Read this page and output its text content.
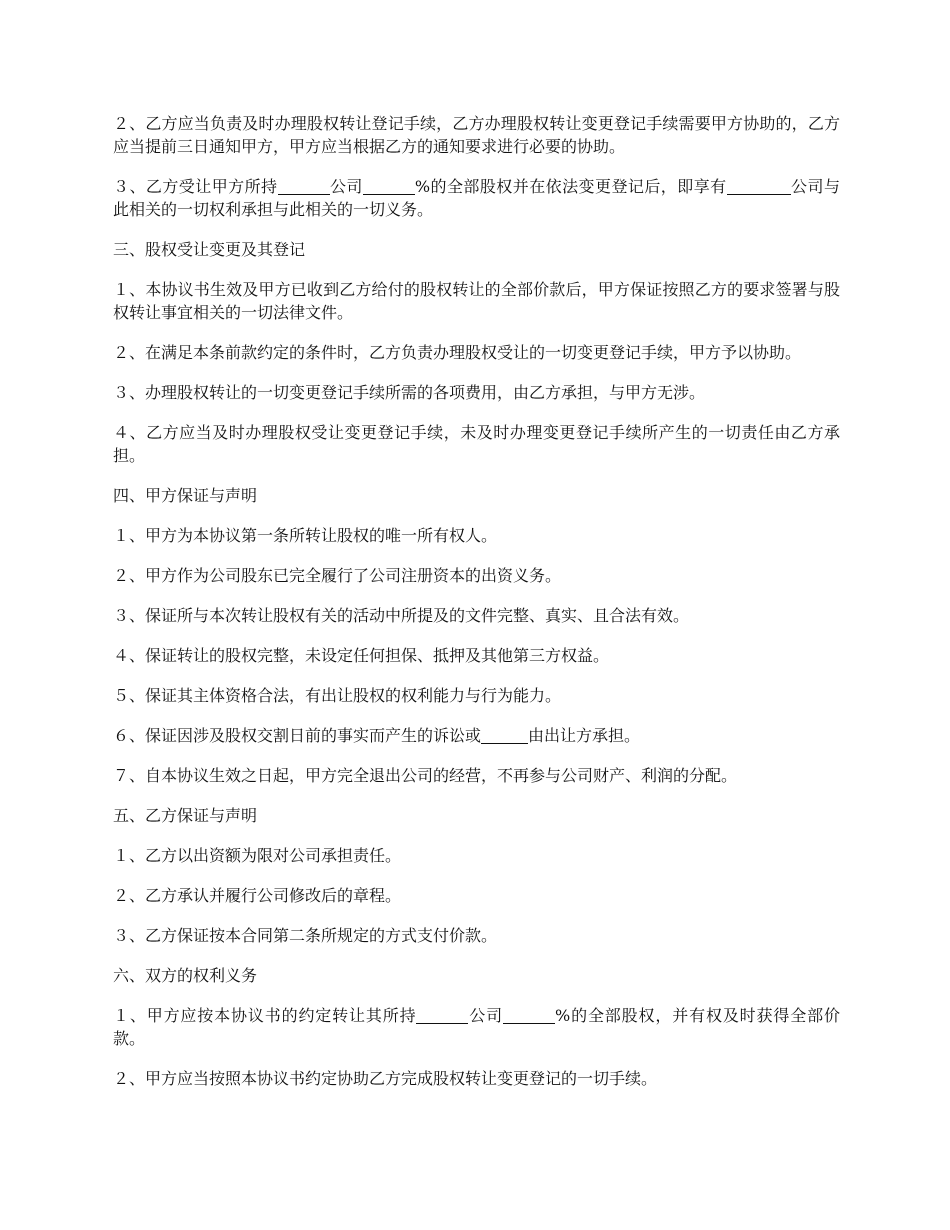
２、乙方应当负责及时办理股权转让登记手续，乙方办理股权转让变更登记手续需要甲方协助的，乙方应当提前三日通知甲方，甲方应当根据乙方的通知要求进行必要的协助。

３、乙方受让甲方所持	公司	%的全部股权并在依法变更登记后，即享有	公司与此相关的一切权利承担与此相关的一切义务。

三、股权受让变更及其登记

１、本协议书生效及甲方已收到乙方给付的股权转让的全部价款后，甲方保证按照乙方的要求签署与股权转让事宜相关的一切法律文件。

２、在满足本条前款约定的条件时，乙方负责办理股权受让的一切变更登记手续，甲方予以协助。

３、办理股权转让的一切变更登记手续所需的各项费用，由乙方承担，与甲方无涉。

４、乙方应当及时办理股权受让变更登记手续，未及时办理变更登记手续所产生的一切责任由乙方承担。

四、甲方保证与声明

１、甲方为本协议第一条所转让股权的唯一所有权人。

２、甲方作为公司股东已完全履行了公司注册资本的出资义务。

３、保证所与本次转让股权有关的活动中所提及的文件完整、真实、且合法有效。

４、保证转让的股权完整，未设定任何担保、抵押及其他第三方权益。

５、保证其主体资格合法，有出让股权的权利能力与行为能力。

６、保证因涉及股权交割日前的事实而产生的诉讼或	由出让方承担。

７、自本协议生效之日起，甲方完全退出公司的经营，不再参与公司财产、利润的分配。

五、乙方保证与声明

１、乙方以出资额为限对公司承担责任。

２、乙方承认并履行公司修改后的章程。

３、乙方保证按本合同第二条所规定的方式支付价款。

六、双方的权利义务

１、甲方应按本协议书的约定转让其所持	公司	%的全部股权，并有权及时获得全部价款。

２、甲方应当按照本协议书约定协助乙方完成股权转让变更登记的一切手续。
